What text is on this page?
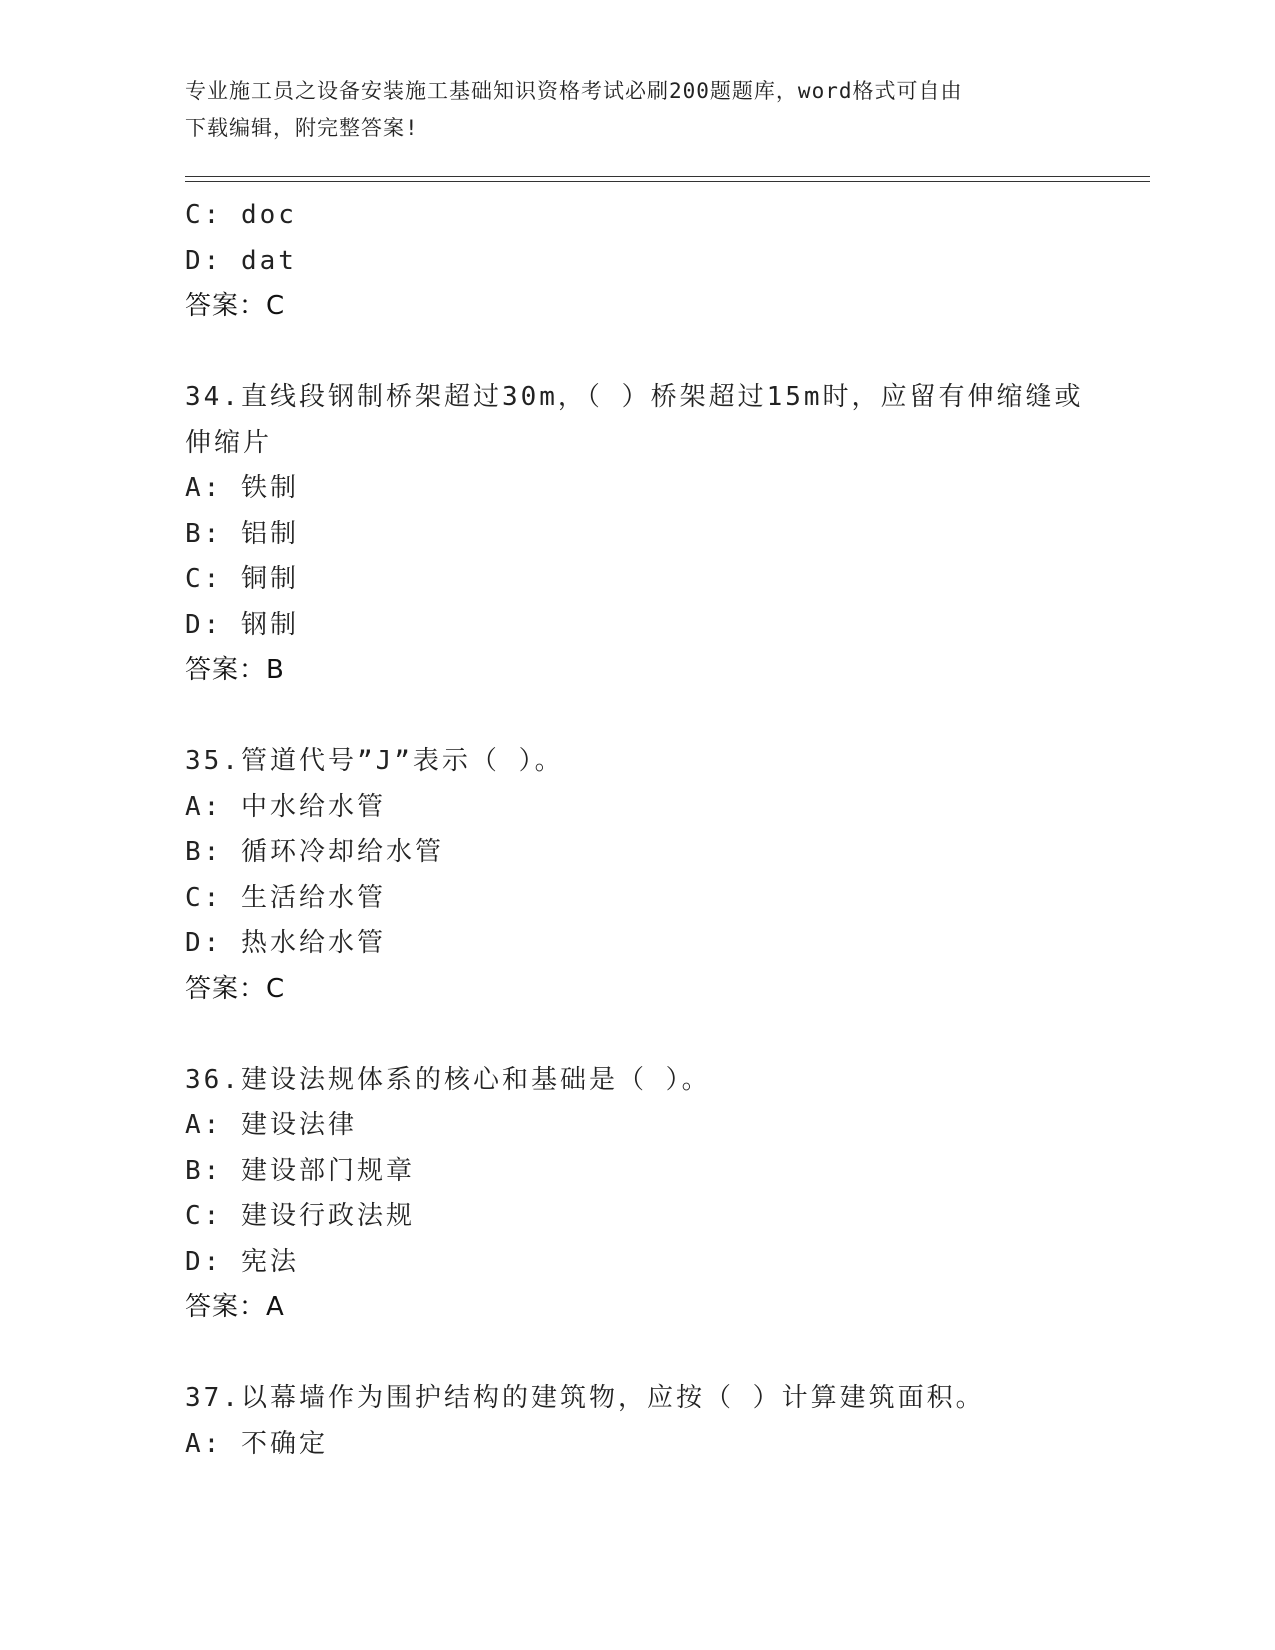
专业施工员之设备安装施工基础知识资格考试必刷200题题库，word格式可自由
下载编辑，附完整答案!
C: doc
D: dat
答案：C
34.直线段钢制桥架超过30m，（ ）桥架超过15m时，应留有伸缩缝或
伸缩片
A: 铁制
B: 铝制
C: 铜制
D: 钢制
答案：B
35.管道代号”J”表示（ ）。
A: 中水给水管
B: 循环冷却给水管
C: 生活给水管
D: 热水给水管
答案：C
36.建设法规体系的核心和基础是（ ）。
A: 建设法律
B: 建设部门规章
C: 建设行政法规
D: 宪法
答案：A
37.以幕墙作为围护结构的建筑物，应按（ ）计算建筑面积。
A: 不确定
